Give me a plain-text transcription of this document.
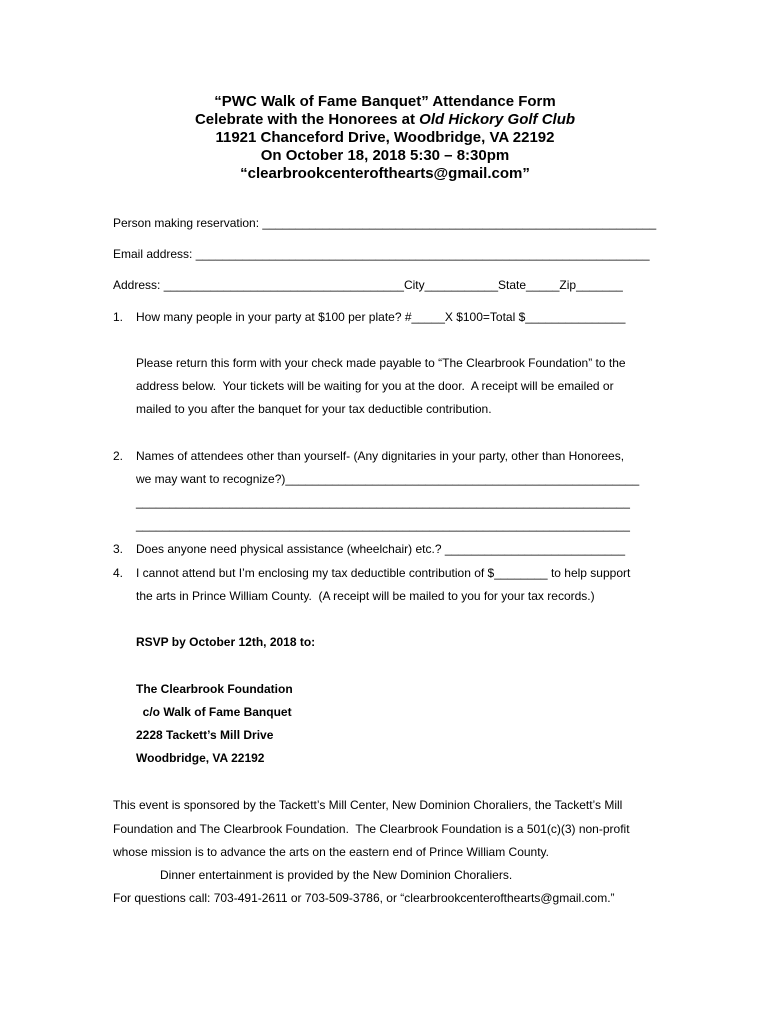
“PWC Walk of Fame Banquet” Attendance Form
Celebrate with the Honorees at Old Hickory Golf Club
11921 Chanceford Drive, Woodbridge, VA 22192
On October 18, 2018 5:30 – 8:30pm
“clearbrookcenterofthearts@gmail.com”
Person making reservation: ___________________________________________________________
Email address: ____________________________________________________________________
Address: ____________________________________City___________State_____Zip_______
1. How many people in your party at $100 per plate? #_____X $100=Total $_______________
Please return this form with your check made payable to “The Clearbrook Foundation” to the
address below.  Your tickets will be waiting for you at the door.  A receipt will be emailed or
mailed to you after the banquet for your tax deductible contribution.
2. Names of attendees other than yourself- (Any dignitaries in your party, other than Honorees,
we may want to recognize?)_____________________________________________________
__________________________________________________________________________
__________________________________________________________________________
3. Does anyone need physical assistance (wheelchair) etc.? ___________________________
4. I cannot attend but I’m enclosing my tax deductible contribution of $________ to help support
the arts in Prince William County.  (A receipt will be mailed to you for your tax records.)
RSVP by October 12th, 2018 to:
The Clearbrook Foundation
c/o Walk of Fame Banquet
2228 Tackett’s Mill Drive
Woodbridge, VA 22192
This event is sponsored by the Tackett’s Mill Center, New Dominion Choraliers, the Tackett’s Mill
Foundation and The Clearbrook Foundation.  The Clearbrook Foundation is a 501(c)(3) non-profit
whose mission is to advance the arts on the eastern end of Prince William County.
Dinner entertainment is provided by the New Dominion Choraliers.
For questions call: 703-491-2611 or 703-509-3786, or “clearbrookcenterofthearts@gmail.com.”
